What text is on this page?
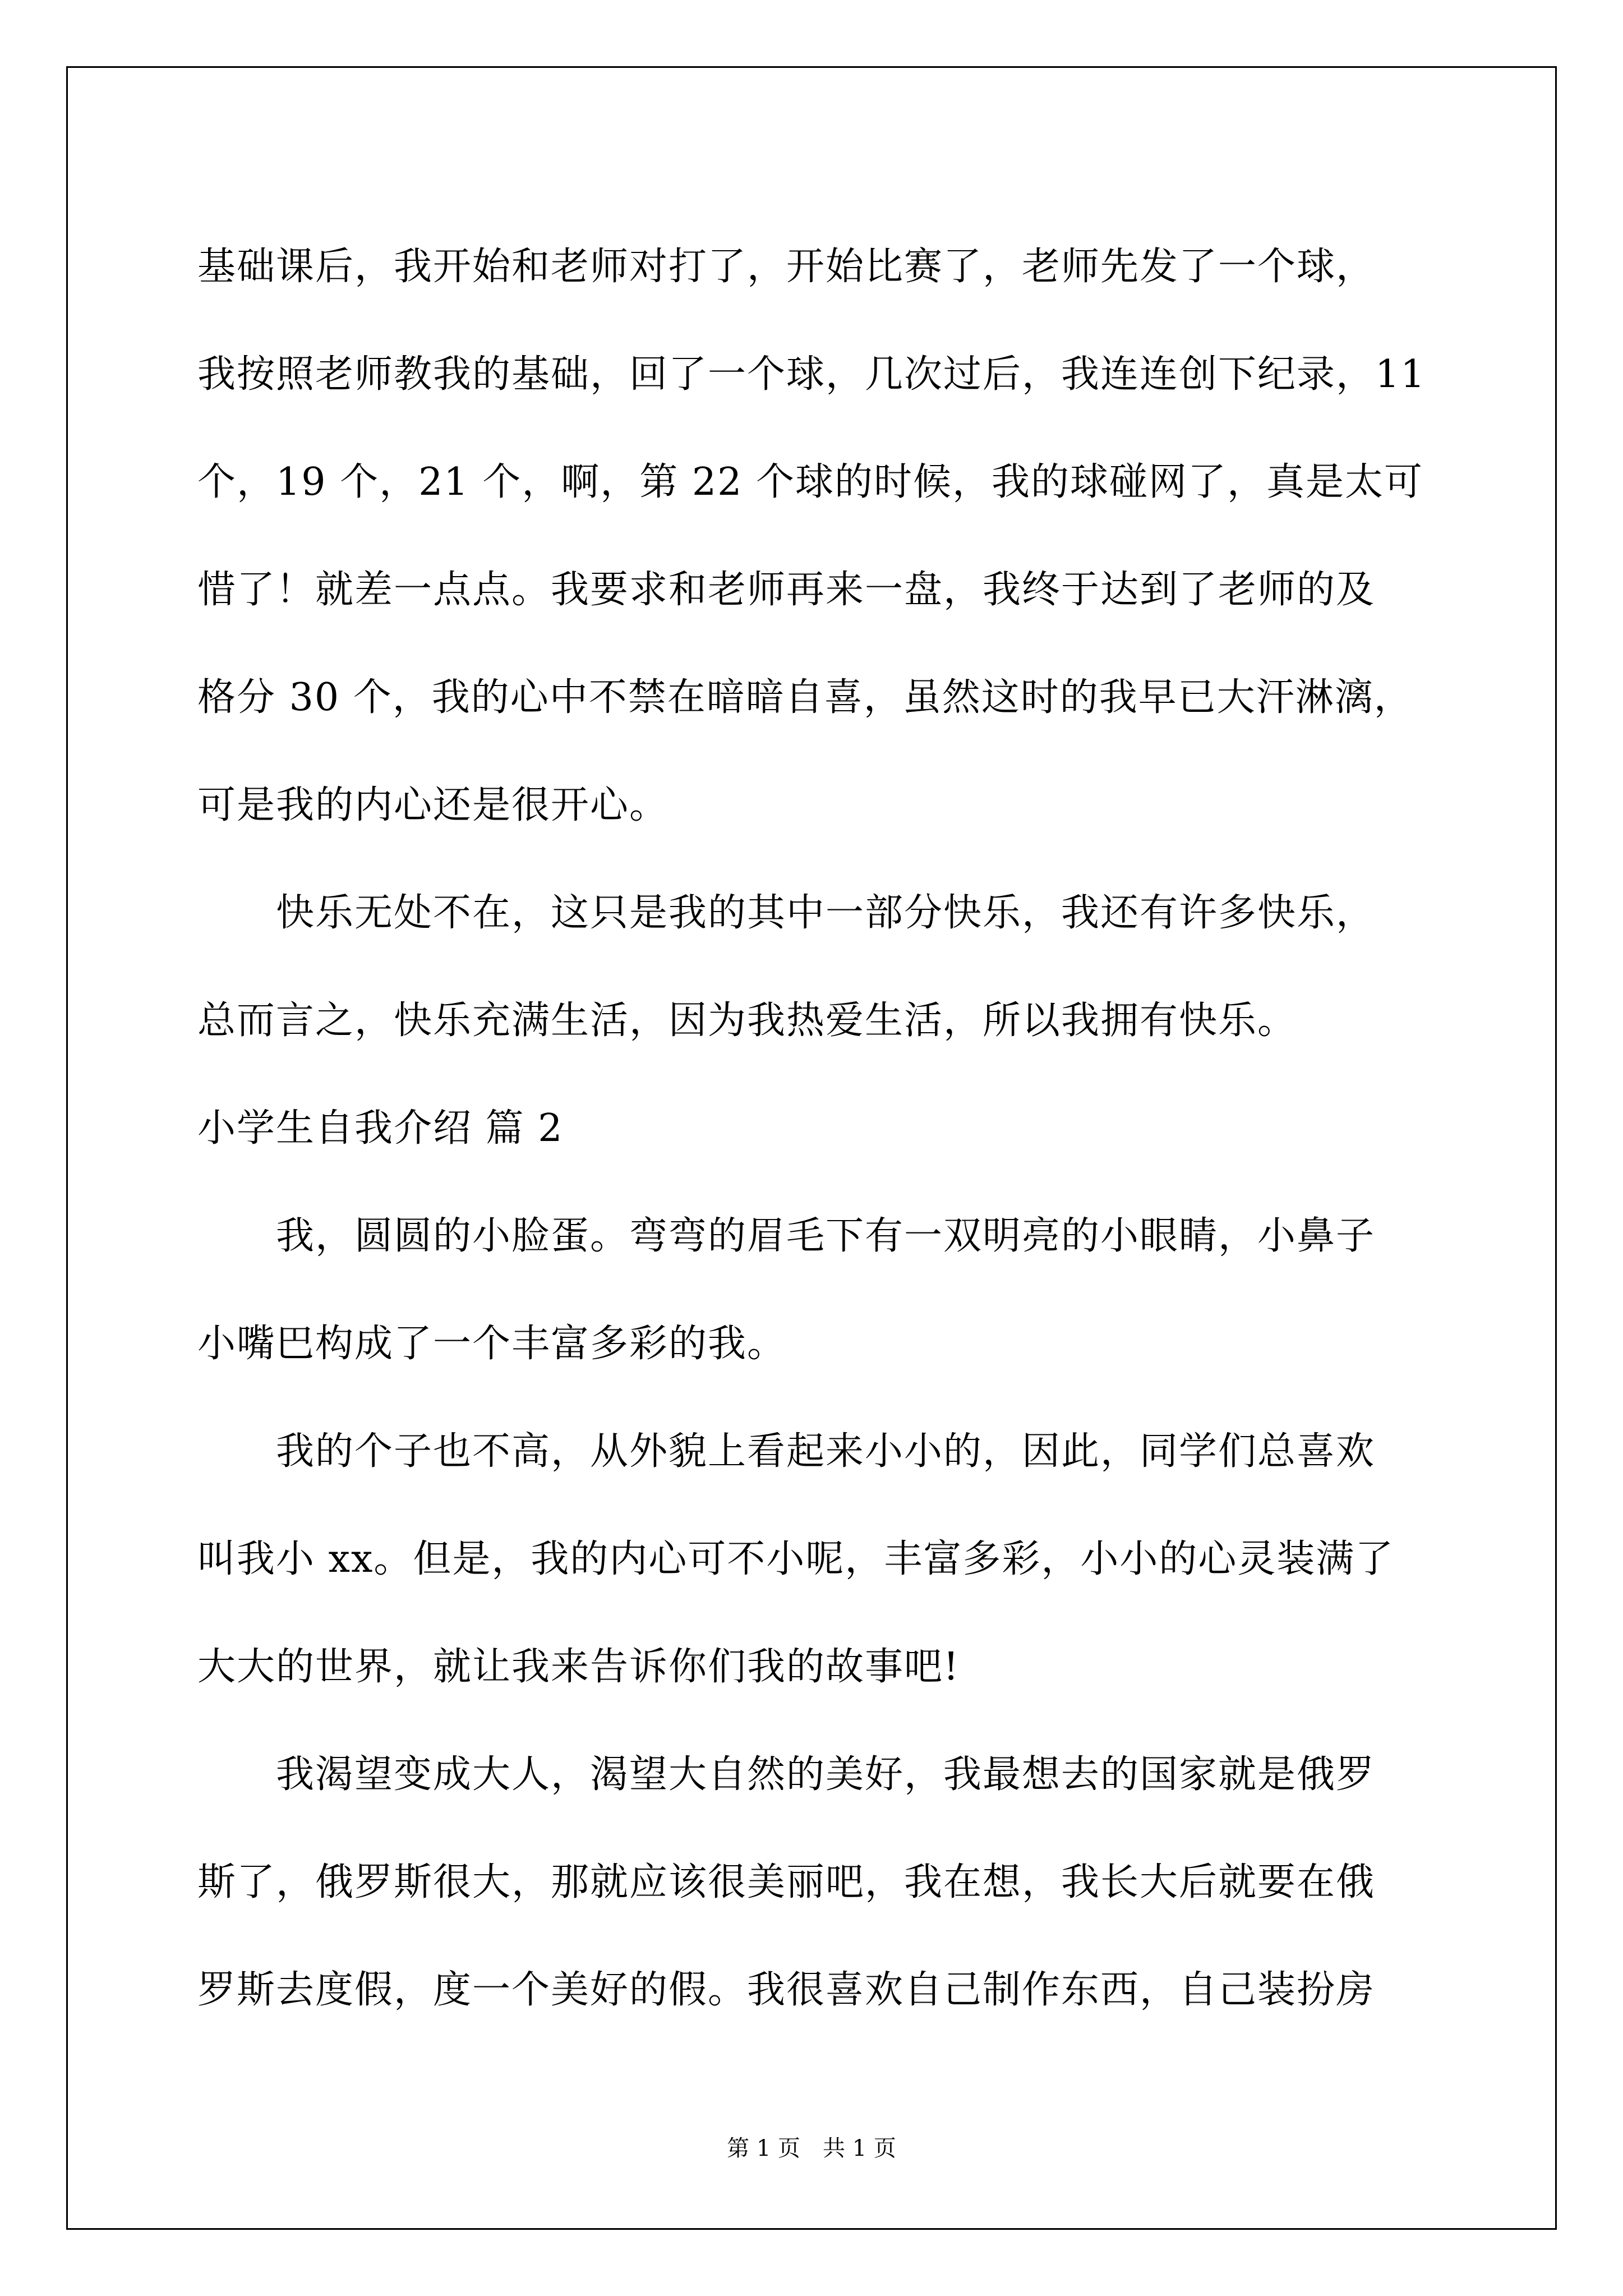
基础课后，我开始和老师对打了，开始比赛了，老师先发了一个球，
我按照老师教我的基础，回了一个球，几次过后，我连连创下纪录，11
个，19 个，21 个，啊，第 22 个球的时候，我的球碰网了，真是太可
惜了！就差一点点。我要求和老师再来一盘，我终于达到了老师的及
格分 30 个，我的心中不禁在暗暗自喜，虽然这时的我早已大汗淋漓，
可是我的内心还是很开心。
快乐无处不在，这只是我的其中一部分快乐，我还有许多快乐，
总而言之，快乐充满生活，因为我热爱生活，所以我拥有快乐。
小学生自我介绍 篇 2
我，圆圆的小脸蛋。弯弯的眉毛下有一双明亮的小眼睛，小鼻子
小嘴巴构成了一个丰富多彩的我。
我的个子也不高，从外貌上看起来小小的，因此，同学们总喜欢
叫我小 xx。但是，我的内心可不小呢，丰富多彩，小小的心灵装满了
大大的世界，就让我来告诉你们我的故事吧!
我渴望变成大人，渴望大自然的美好，我最想去的国家就是俄罗
斯了，俄罗斯很大，那就应该很美丽吧，我在想，我长大后就要在俄
罗斯去度假，度一个美好的假。我很喜欢自己制作东西，自己装扮房
第 1 页　共 1 页
